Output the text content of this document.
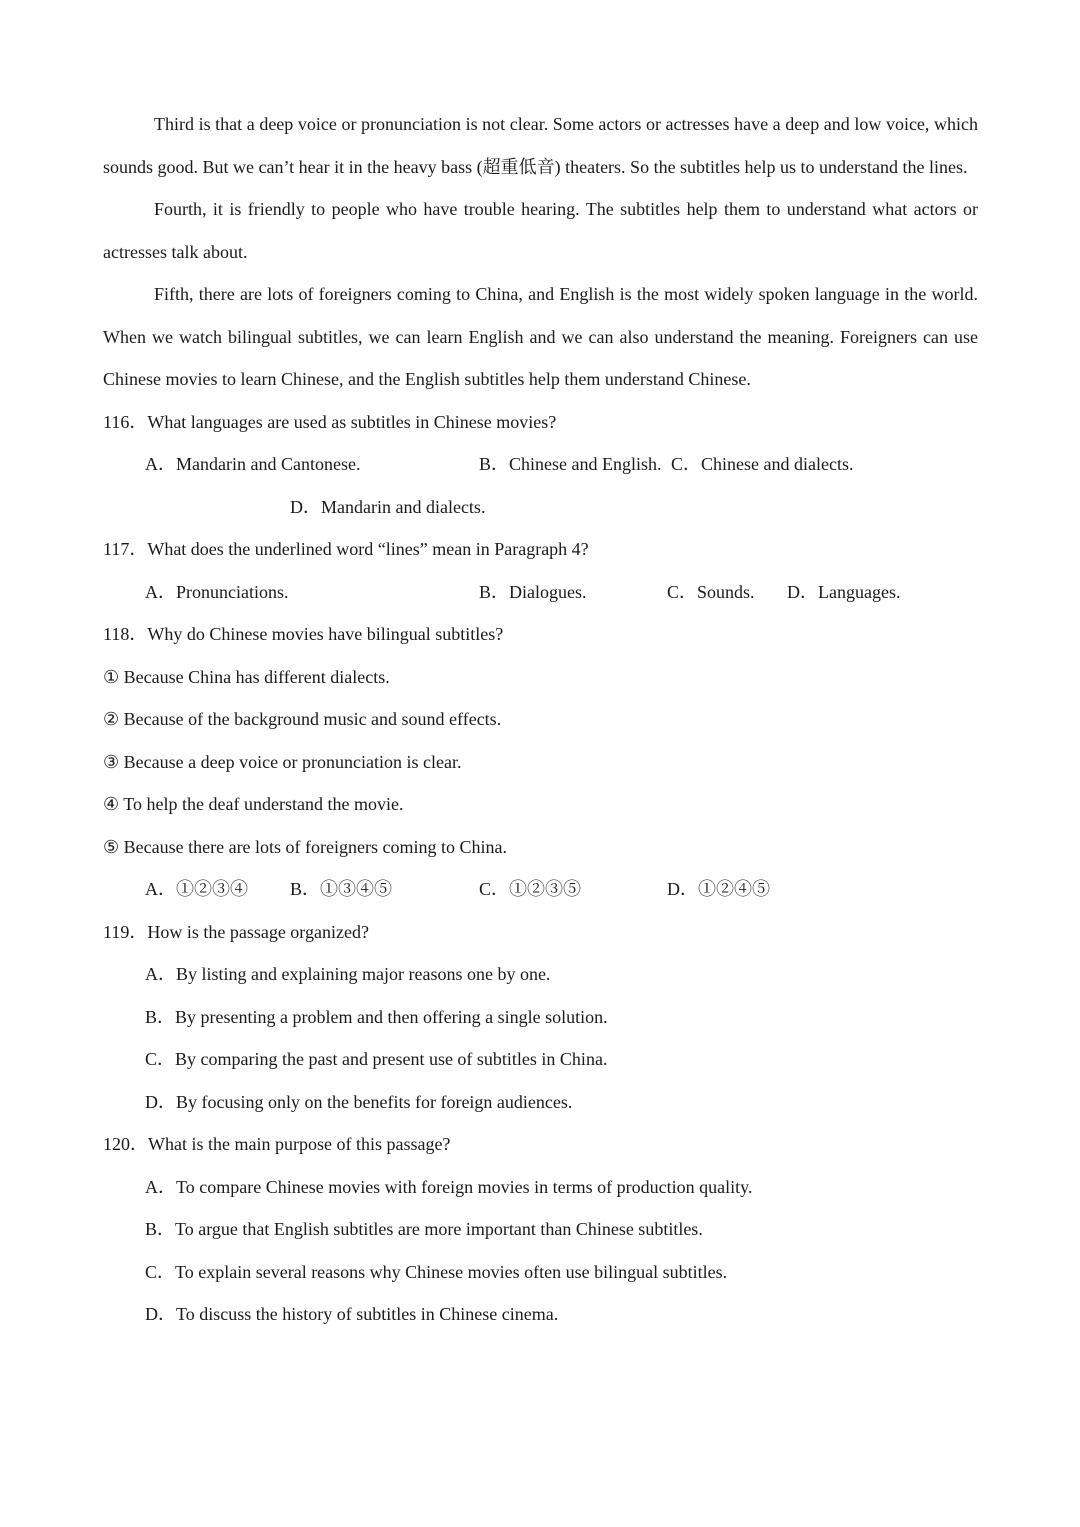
Third is that a deep voice or pronunciation is not clear. Some actors or actresses have a deep and low voice, which sounds good. But we can’t hear it in the heavy bass (超重低音) theaters. So the subtitles help us to understand the lines.

Fourth, it is friendly to people who have trouble hearing. The subtitles help them to understand what actors or actresses talk about.

Fifth, there are lots of foreigners coming to China, and English is the most widely spoken language in the world. When we watch bilingual subtitles, we can learn English and we can also understand the meaning. Foreigners can use Chinese movies to learn Chinese, and the English subtitles help them understand Chinese.

116．What languages are used as subtitles in Chinese movies?
A．Mandarin and Cantonese.	B．Chinese and English. C．Chinese and dialects.
D．Mandarin and dialects.
117．What does the underlined word “lines” mean in Paragraph 4?
A．Pronunciations.	B．Dialogues.	C．Sounds. D．Languages.
118．Why do Chinese movies have bilingual subtitles?
① Because China has different dialects.
② Because of the background music and sound effects.
③ Because a deep voice or pronunciation is clear.
④ To help the deaf understand the movie.
⑤ Because there are lots of foreigners coming to China.
A．①②③④ B．①③④⑤	C．①②③⑤	D．①②④⑤
119．How is the passage organized?
A．By listing and explaining major reasons one by one.
B．By presenting a problem and then offering a single solution.
C．By comparing the past and present use of subtitles in China.
D．By focusing only on the benefits for foreign audiences.
120．What is the main purpose of this passage?
A．To compare Chinese movies with foreign movies in terms of production quality.
B．To argue that English subtitles are more important than Chinese subtitles.
C．To explain several reasons why Chinese movies often use bilingual subtitles.
D．To discuss the history of subtitles in Chinese cinema.
